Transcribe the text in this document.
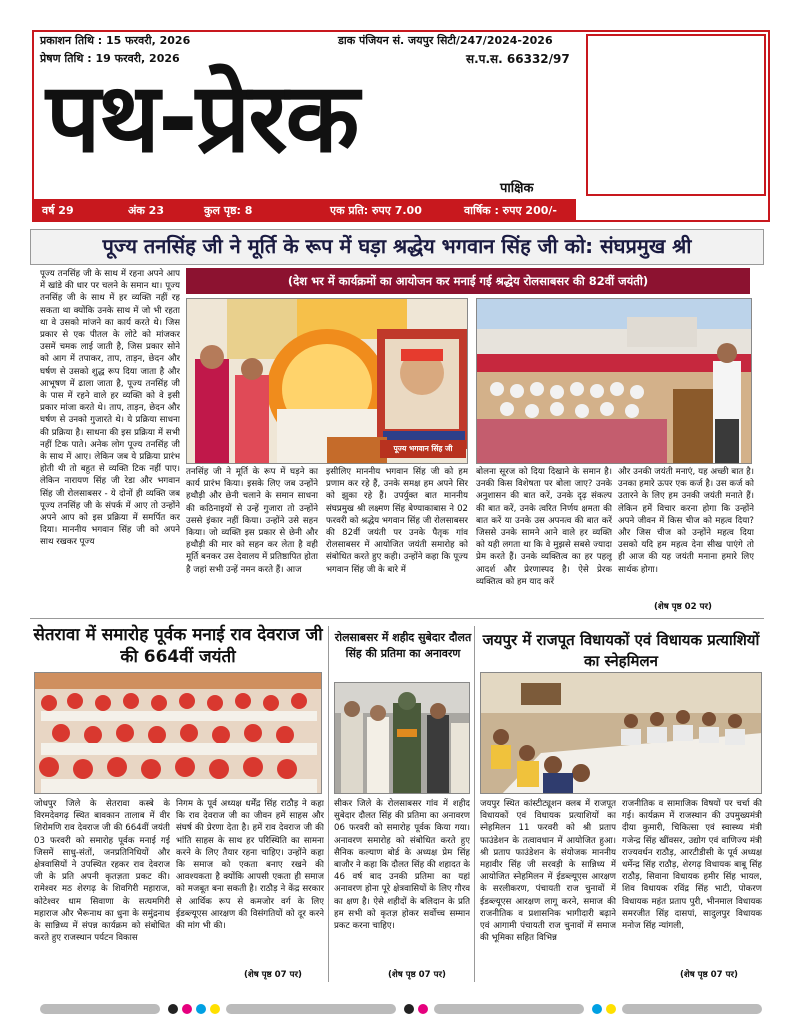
प्रकाशन तिथि : 15 फरवरी, 2026
प्रेषण तिथि : 19 फरवरी, 2026
डाक पंजियन सं. जयपुर सिटी/247/2024-2026
स.प.स. 66332/97
पथ-प्रेरक
पाक्षिक
वर्ष 29	अंक 23	कुल पृष्ठ: 8	एक प्रति: रुपए 7.00	वार्षिक : रुपए 200/-
पूज्य तनसिंह जी ने मूर्ति के रूप में घड़ा श्रद्धेय भगवान सिंह जी को: संघप्रमुख श्री
(देश भर में कार्यक्रमों का आयोजन कर मनाई गई श्रद्धेय रोलसाबसर की 82वीं जयंती)
पूज्य तनसिंह जी के साथ में रहना अपने आप में खांडे की धार पर चलने के समान था। पूज्य तनसिंह जी के साथ में हर व्यक्ति नहीं रह सकता था क्योंकि उनके साथ में जो भी रहता था वे उसको मांजने का कार्य करते थे। जिस प्रकार से एक पीतल के लोटे को मांजकर उसमें चमक लाई जाती है, जिस प्रकार सोने को आग में तपाकर, ताप, ताड़न, छेदन और घर्षण से उसको शुद्ध रूप दिया जाता है और आभूषण में ढाला जाता है, पूज्य तनसिंह जी के पास में रहने वाले हर व्यक्ति को वे इसी प्रकार मांजा करते थे। ताप, ताड़न, छेदन और घर्षण से उनको गुजारते थे। ये प्रक्रिया साधना की प्रक्रिया है। साधना की इस प्रक्रिया में सभी नहीं टिक पाते। अनेक लोग पूज्य तनसिंह जी के साथ में आए। लेकिन जब ये प्रक्रिया प्रारंभ होती थी तो बहुत से व्यक्ति टिक नहीं पाए। लेकिन नारायण सिंह जी रेडा और भगवान सिंह जी रोलसाबसर - ये दोनों ही व्यक्ति जब पूज्य तनसिंह जी के संपर्क में आए तो उन्होंने अपने आप को इस प्रक्रिया में समर्पित कर दिया। माननीय भगवान सिंह जी को अपने साथ रखकर पूज्य
पूज्य भगवान सिंह जी
तनसिंह जी ने मूर्ति के रूप में घड़ने का कार्य प्रारंभ किया। इसके लिए जब उन्होंने हथौड़ी और छेनी चलाने के समान साधना की कठिनाइयों से उन्हें गुजारा तो उन्होंने उससे इंकार नहीं किया। उन्होंने उसे सहन किया। जो व्यक्ति इस प्रकार से छेनी और हथौड़ी की मार को सहन कर लेता है वही मूर्ति बनकर उस देवालय में प्रतिष्ठापित होता है जहां सभी उन्हें नमन करते हैं। आज
इसीलिए माननीय भगवान सिंह जी को हम प्रणाम कर रहे हैं, उनके समक्ष हम अपने सिर को झुका रहे हैं। उपर्युक्त बात माननीय संघप्रमुख श्री लक्ष्मण सिंह बेण्याकाबास ने 02 फरवरी को श्रद्धेय भगवान सिंह जी रोलसाबसर की 82वीं जयंती पर उनके पैतृक गांव रोलसाबसर में आयोजित जयंती समारोह को संबोधित करते हुए कही। उन्होंने कहा कि पूज्य भगवान सिंह जी के बारे में
बोलना सूरज को दिया दिखाने के समान है। उनकी किस विशेषता पर बोला जाए? उनके अनुशासन की बात करें, उनके दृढ़ संकल्प की बात करें, उनके त्वरित निर्णय क्षमता की बात करें या उनके उस अपनत्व की बात करें जिससे उनके सामने आने वाले हर व्यक्ति को यही लगता था कि वे मुझसे सबसे ज्यादा प्रेम करते हैं। उनके व्यक्तित्व का हर पहलू आदर्श और प्रेरणास्पद है। ऐसे प्रेरक व्यक्तित्व को हम याद करें
और उनकी जयंती मनाएं, यह अच्छी बात है। उनका हमारे ऊपर एक कर्ज है। उस कर्ज को उतारने के लिए हम उनकी जयंती मनाते हैं। लेकिन हमें विचार करना होगा कि उन्होंने अपने जीवन में किस चीज को महत्व दिया? और जिस चीज को उन्होंने महत्व दिया उसको यदि हम महत्व देना सीख पाएंगे तो ही आज की यह जयंती मनाना हमारे लिए सार्थक होगा।
(शेष पृष्ठ 02 पर)
सेतरावा में समारोह पूर्वक मनाई राव देवराज जी की 664वीं जयंती
जोधपुर जिले के सेतरावा कस्बे के विरमदेवगढ़ स्थित बावकान तालाब में वीर शिरोमणि राव देवराज जी की 664वीं जयंती 03 फरवरी को समारोह पूर्वक मनाई गई जिसमें साधु-संतों, जनप्रतिनिधियों और क्षेत्रवासियों ने उपस्थित रहकर राव देवराज जी के प्रति अपनी कृतज्ञता प्रकट की। रामेश्वर मठ शेरगढ़ के शिवगिरी महाराज, कोटेश्वर धाम सिवाणा के सत्यमगिरी महाराज और भैरूनाथ का धुना के समुंद्रनाथ के सान्निध्य में संपन्न कार्यक्रम को संबोधित करते हुए राजस्थान पर्यटन विकास
निगम के पूर्व अध्यक्ष धर्मेंद्र सिंह राठौड़ ने कहा कि राव देवराज जी का जीवन हमें साहस और संघर्ष की प्रेरणा देता है। हमें राव देवराज जी की भांति साहस के साथ हर परिस्थिति का सामना करने के लिए तैयार रहना चाहिए। उन्होंने कहा कि समाज को एकता बनाए रखने की आवश्यकता है क्योंकि आपसी एकता ही समाज को मजबूत बना सकती है। राठौड़ ने केंद्र सरकार से आर्थिक रूप से कमजोर वर्ग के लिए ईडब्ल्यूएस आरक्षण की विसंगतियों को दूर करने की मांग भी की।
(शेष पृष्ठ 07 पर)
रोलसाबसर में शहीद सुबेदार दौलत सिंह की प्रतिमा का अनावरण
सीकर जिले के रोलसाबसर गांव में शहीद सुबेदार दौलत सिंह की प्रतिमा का अनावरण 06 फरवरी को समारोह पूर्वक किया गया। अनावरण समारोह को संबोधित करते हुए सैनिक कल्याण बोर्ड के अध्यक्ष प्रेम सिंह बाजौर ने कहा कि दौलत सिंह की शहादत के 46 वर्ष बाद उनकी प्रतिमा का यहां अनावरण होना पूरे क्षेत्रवासियों के लिए गौरव का क्षण है। ऐसे शहीदों के बलिदान के प्रति हम सभी को कृतज्ञ होकर सर्वोच्च सम्मान प्रकट करना चाहिए।
(शेष पृष्ठ 07 पर)
जयपुर में राजपूत विधायकों एवं विधायक प्रत्याशियों का स्नेहमिलन
जयपुर स्थित कांस्टीट्यूशन क्लब में राजपूत विधायकों एवं विधायक प्रत्याशियों का स्नेहमिलन 11 फरवरी को श्री प्रताप फाउंडेशन के तत्वावधान में आयोजित हुआ। श्री प्रताप फाउंडेशन के संयोजक माननीय महावीर सिंह जी सरवड़ी के सान्निध्य में आयोजित स्नेहमिलन में ईडब्ल्यूएस आरक्षण के सरलीकरण, पंचायती राज चुनावों में ईडब्ल्यूएस आरक्षण लागू करने, समाज की राजनीतिक व प्रशासनिक भागीदारी बढ़ाने एवं आगामी पंचायती राज चुनावों में समाज की भूमिका सहित विभिन्न
राजनीतिक व सामाजिक विषयों पर चर्चा की गई। कार्यक्रम में राजस्थान की उपमुख्यमंत्री दीया कुमारी, चिकित्सा एवं स्वास्थ्य मंत्री गजेन्द्र सिंह खींवसर, उद्योग एवं वाणिज्य मंत्री राज्यवर्धन राठौड़, आरटीडीसी के पूर्व अध्यक्ष धर्मेन्द्र सिंह राठौड़, शेरगढ़ विधायक बाबू सिंह राठौड़, सिवाना विधायक हमीर सिंह भायल, शिव विधायक रविंद्र सिंह भाटी, पोकरण विधायक महंत प्रताप पुरी, भीनमाल विधायक समरजीत सिंह दासपां, सादुलपुर विधायक मनोज सिंह न्यांगली,
(शेष पृष्ठ 07 पर)
